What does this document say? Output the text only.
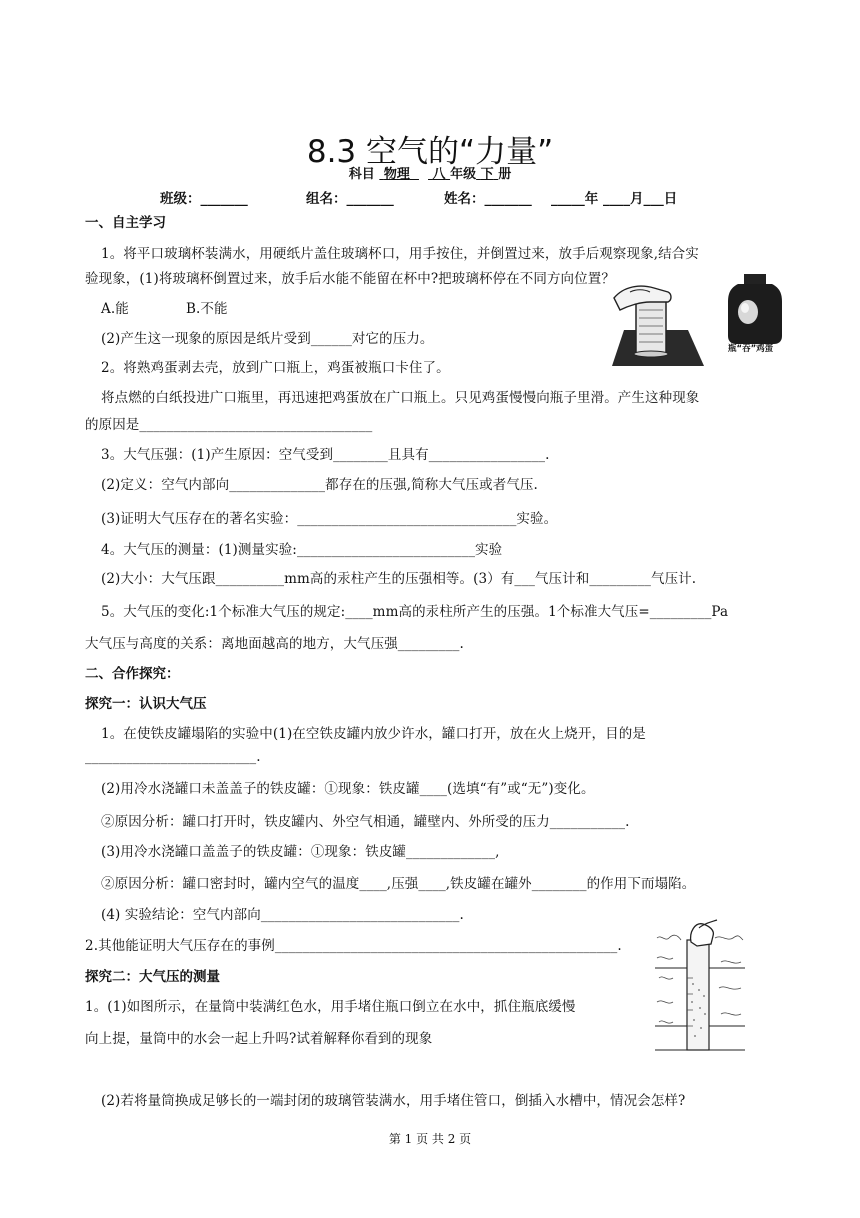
8.3 空气的“力量”
科目 物理 八 年级 下 册
班级：_______	组名：_______	姓名：_______ _____年 ____月___日
一、自主学习
1。将平口玻璃杯装满水，用硬纸片盖住玻璃杯口，用手按住，并倒置过来，放手后观察现象,结合实
验现象，(1)将玻璃杯倒置过来，放手后水能不能留在杯中?把玻璃杯停在不同方向位置？
A.能	B.不能
(2)产生这一现象的原因是纸片受到______对它的压力。
2。将熟鸡蛋剥去壳，放到广口瓶上，鸡蛋被瓶口卡住了。
将点燃的白纸投进广口瓶里，再迅速把鸡蛋放在广口瓶上。只见鸡蛋慢慢向瓶子里滑。产生这种现象
的原因是__________________________________
3。大气压强：(1)产生原因：空气受到________且具有_________________.
(2)定义：空气内部向______________都存在的压强,简称大气压或者气压.
(3)证明大气压存在的著名实验：________________________________实验。
4。大气压的测量：(1)测量实验:__________________________实验
(2)大小：大气压跟__________mm高的汞柱产生的压强相等。(3）有___气压计和_________气压计.
5。大气压的变化:1个标准大气压的规定:____mm高的汞柱所产生的压强。1个标准大气压=_________Pa
大气压与高度的关系：离地面越高的地方，大气压强_________.
瓶“吞”鸡蛋
二、合作探究：
探究一：认识大气压
1。在使铁皮罐塌陷的实验中(1)在空铁皮罐内放少许水，罐口打开，放在火上烧开，目的是
_________________________.
(2)用冷水浇罐口未盖盖子的铁皮罐：①现象：铁皮罐____(选填“有”或“无”)变化。
②原因分析：罐口打开时，铁皮罐内、外空气相通，罐壁内、外所受的压力___________.
(3)用冷水浇罐口盖盖子的铁皮罐：①现象：铁皮罐_____________,
②原因分析：罐口密封时，罐内空气的温度____,压强____,铁皮罐在罐外________的作用下而塌陷。
(4) 实验结论：空气内部向_____________________________.
2.其他能证明大气压存在的事例__________________________________________________.
探究二：大气压的测量
1。(1)如图所示，在量筒中装满红色水，用手堵住瓶口倒立在水中，抓住瓶底缓慢
向上提，量筒中的水会一起上升吗?试着解释你看到的现象
(2)若将量筒换成足够长的一端封闭的玻璃管装满水，用手堵住管口，倒插入水槽中，情况会怎样?
第 1 页 共 2 页
